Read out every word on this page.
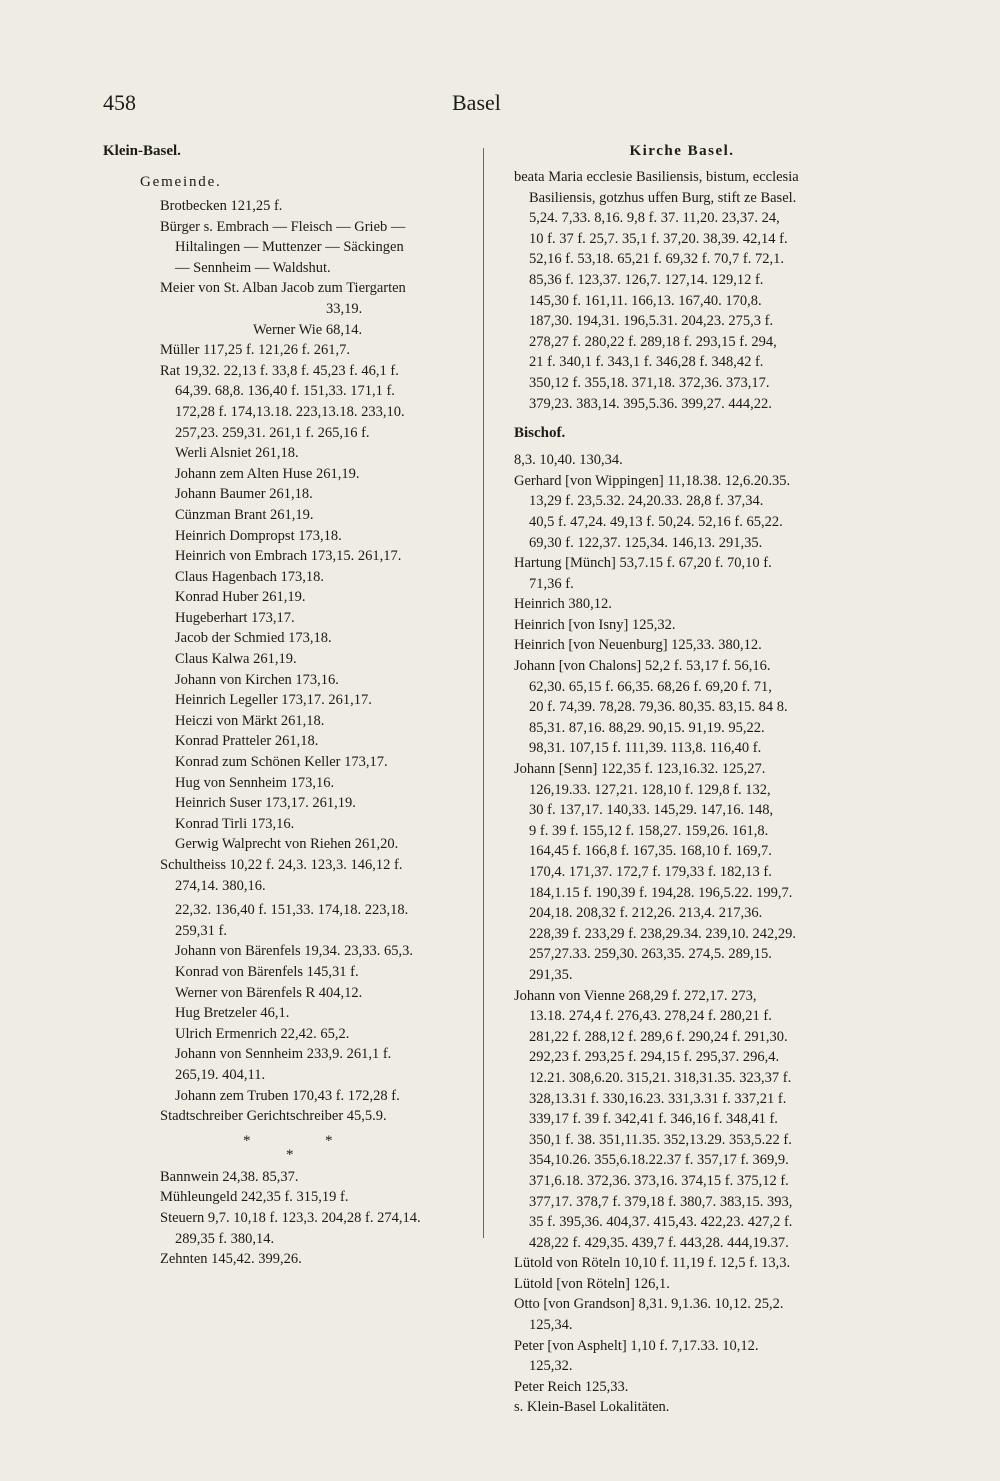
458	Basel
Klein-Basel.
Gemeinde.
Brotbecken 121,25 f.
Bürger s. Embrach — Fleisch — Grieb —
Hiltalingen — Muttenzer — Säckingen
— Sennheim — Waldshut.
Meier von St. Alban Jacob zum Tiergarten
33,19.
Werner Wie 68,14.
Müller 117,25 f. 121,26 f. 261,7.
Rat 19,32. 22,13 f. 33,8 f. 45,23 f. 46,1 f.
64,39. 68,8. 136,40 f. 151,33. 171,1 f.
172,28 f. 174,13.18. 223,13.18. 233,10.
257,23. 259,31. 261,1 f. 265,16 f.
Werli Alsniet 261,18.
Johann zem Alten Huse 261,19.
Johann Baumer 261,18.
Cünzman Brant 261,19.
Heinrich Dompropst 173,18.
Heinrich von Embrach 173,15. 261,17.
Claus Hagenbach 173,18.
Konrad Huber 261,19.
Hugeberhart 173,17.
Jacob der Schmied 173,18.
Claus Kalwa 261,19.
Johann von Kirchen 173,16.
Heinrich Legeller 173,17. 261,17.
Heiczi von Märkt 261,18.
Konrad Pratteler 261,18.
Konrad zum Schönen Keller 173,17.
Hug von Sennheim 173,16.
Heinrich Suser 173,17. 261,19.
Konrad Tirli 173,16.
Gerwig Walprecht von Riehen 261,20.
Schultheiss 10,22 f. 24,3. 123,3. 146,12 f.
274,14. 380,16.
22,32. 136,40 f. 151,33. 174,18. 223,18.
259,31 f.
Johann von Bärenfels 19,34. 23,33. 65,3.
Konrad von Bärenfels 145,31 f.
Werner von Bärenfels R 404,12.
Hug Bretzeler 46,1.
Ulrich Ermenrich 22,42. 65,2.
Johann von Sennheim 233,9. 261,1 f.
265,19. 404,11.
Johann zem Truben 170,43 f. 172,28 f.
Stadtschreiber Gerichtschreiber 45,5.9.
*	*
*
Bannwein 24,38. 85,37.
Mühleungeld 242,35 f. 315,19 f.
Steuern 9,7. 10,18 f. 123,3. 204,28 f. 274,14.
289,35 f. 380,14.
Zehnten 145,42. 399,26.
Kirche Basel.
beata Maria ecclesie Basiliensis, bistum, ecclesia
Basiliensis, gotzhus uffen Burg, stift ze Basel.
5,24. 7,33. 8,16. 9,8 f. 37. 11,20. 23,37. 24,
10 f. 37 f. 25,7. 35,1 f. 37,20. 38,39. 42,14 f.
52,16 f. 53,18. 65,21 f. 69,32 f. 70,7 f. 72,1.
85,36 f. 123,37. 126,7. 127,14. 129,12 f.
145,30 f. 161,11. 166,13. 167,40. 170,8.
187,30. 194,31. 196,5.31. 204,23. 275,3 f.
278,27 f. 280,22 f. 289,18 f. 293,15 f. 294,
21 f. 340,1 f. 343,1 f. 346,28 f. 348,42 f.
350,12 f. 355,18. 371,18. 372,36. 373,17.
379,23. 383,14. 395,5.36. 399,27. 444,22.
Bischof.
8,3. 10,40. 130,34.
Gerhard [von Wippingen] 11,18.38. 12,6.20.35.
13,29 f. 23,5.32. 24,20.33. 28,8 f. 37,34.
40,5 f. 47,24. 49,13 f. 50,24. 52,16 f. 65,22.
69,30 f. 122,37. 125,34. 146,13. 291,35.
Hartung [Münch] 53,7.15 f. 67,20 f. 70,10 f.
71,36 f.
Heinrich 380,12.
Heinrich [von Isny] 125,32.
Heinrich [von Neuenburg] 125,33. 380,12.
Johann [von Chalons] 52,2 f. 53,17 f. 56,16.
62,30. 65,15 f. 66,35. 68,26 f. 69,20 f. 71,
20 f. 74,39. 78,28. 79,36. 80,35. 83,15. 84 8.
85,31. 87,16. 88,29. 90,15. 91,19. 95,22.
98,31. 107,15 f. 111,39. 113,8. 116,40 f.
Johann [Senn] 122,35 f. 123,16.32. 125,27.
126,19.33. 127,21. 128,10 f. 129,8 f. 132,
30 f. 137,17. 140,33. 145,29. 147,16. 148,
9 f. 39 f. 155,12 f. 158,27. 159,26. 161,8.
164,45 f. 166,8 f. 167,35. 168,10 f. 169,7.
170,4. 171,37. 172,7 f. 179,33 f. 182,13 f.
184,1.15 f. 190,39 f. 194,28. 196,5.22. 199,7.
204,18. 208,32 f. 212,26. 213,4. 217,36.
228,39 f. 233,29 f. 238,29.34. 239,10. 242,29.
257,27.33. 259,30. 263,35. 274,5. 289,15.
291,35.
Johann von Vienne 268,29 f. 272,17. 273,
13.18. 274,4 f. 276,43. 278,24 f. 280,21 f.
281,22 f. 288,12 f. 289,6 f. 290,24 f. 291,30.
292,23 f. 293,25 f. 294,15 f. 295,37. 296,4.
12.21. 308,6.20. 315,21. 318,31.35. 323,37 f.
328,13.31 f. 330,16.23. 331,3.31 f. 337,21 f.
339,17 f. 39 f. 342,41 f. 346,16 f. 348,41 f.
350,1 f. 38. 351,11.35. 352,13.29. 353,5.22 f.
354,10.26. 355,6.18.22.37 f. 357,17 f. 369,9.
371,6.18. 372,36. 373,16. 374,15 f. 375,12 f.
377,17. 378,7 f. 379,18 f. 380,7. 383,15. 393,
35 f. 395,36. 404,37. 415,43. 422,23. 427,2 f.
428,22 f. 429,35. 439,7 f. 443,28. 444,19.37.
Lütold von Röteln 10,10 f. 11,19 f. 12,5 f. 13,3.
Lütold [von Röteln] 126,1.
Otto [von Grandson] 8,31. 9,1.36. 10,12. 25,2.
125,34.
Peter [von Asphelt] 1,10 f. 7,17.33. 10,12.
125,32.
Peter Reich 125,33.
s. Klein-Basel Lokalitäten.
